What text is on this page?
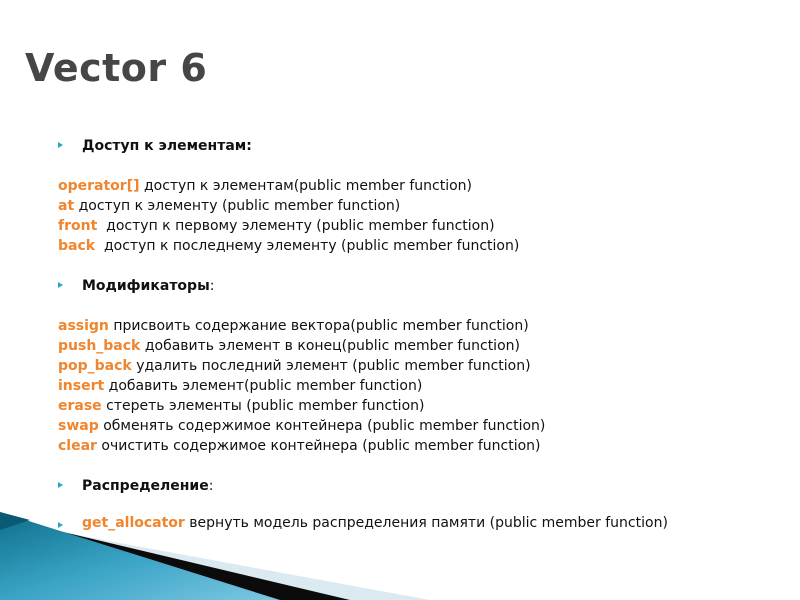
Vector 6
Доступ к элементам:
operator[] доступ к элементам(public member function)
at доступ к элементу (public member function)
front  доступ к первому элементу (public member function)
back  доступ к последнему элементу (public member function)
Модификаторы:
assign присвоить содержание вектора(public member function)
push_back добавить элемент в конец(public member function)
pop_back удалить последний элемент (public member function)
insert добавить элемент(public member function)
erase стереть элементы (public member function)
swap обменять содержимое контейнера (public member function)
clear очистить содержимое контейнера (public member function)
Распределение:
get_allocator вернуть модель распределения памяти (public member function)
